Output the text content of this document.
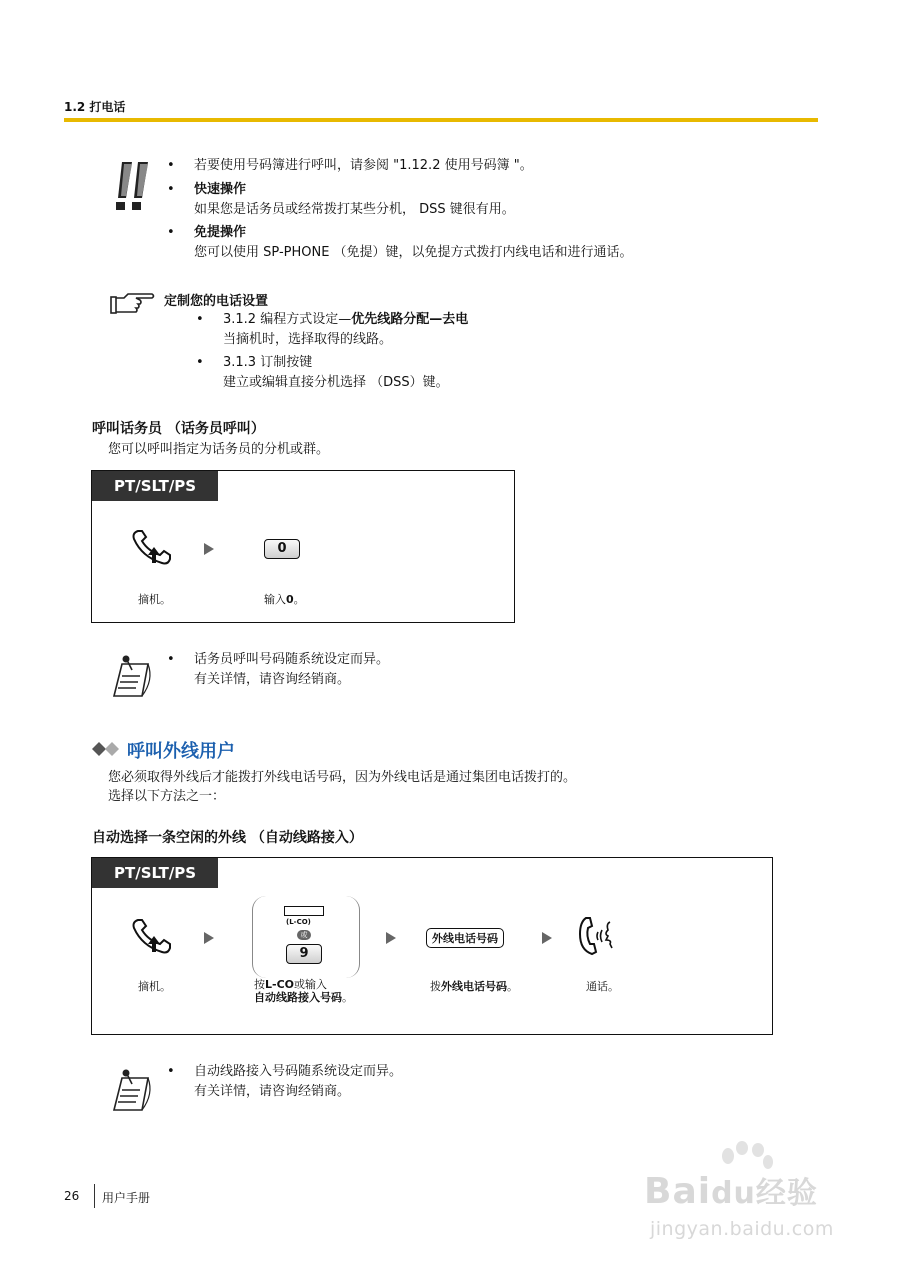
1.2 打电话
• 若要使用号码簿进行呼叫，请参阅 "1.12.2 使用号码簿 "。
• 快速操作
如果您是话务员或经常拨打某些分机， DSS 键很有用。
• 免提操作
您可以使用 SP-PHONE （免提）键，以免提方式拨打内线电话和进行通话。
定制您的电话设置
• 3.1.2 编程方式设定—优先线路分配—去电
当摘机时，选择取得的线路。
• 3.1.3 订制按键
建立或编辑直接分机选择 （DSS）键。
呼叫话务员 （话务员呼叫）
您可以呼叫指定为话务员的分机或群。
PT/SLT/PS
0
摘机。	输入0。
• 话务员呼叫号码随系统设定而异。
有关详情，请咨询经销商。
呼叫外线用户
您必须取得外线后才能拨打外线电话号码，因为外线电话是通过集团电话拨打的。
选择以下方法之一：
自动选择一条空闲的外线 （自动线路接入）
PT/SLT/PS
(L-CO)
或
9
外线电话号码
摘机。	按L-CO或输入
自动线路接入号码。
拨外线电话号码。	通话。
• 自动线路接入号码随系统设定而异。
有关详情，请咨询经销商。
26 用户手册	Baidu经验
jingyan.baidu.com
